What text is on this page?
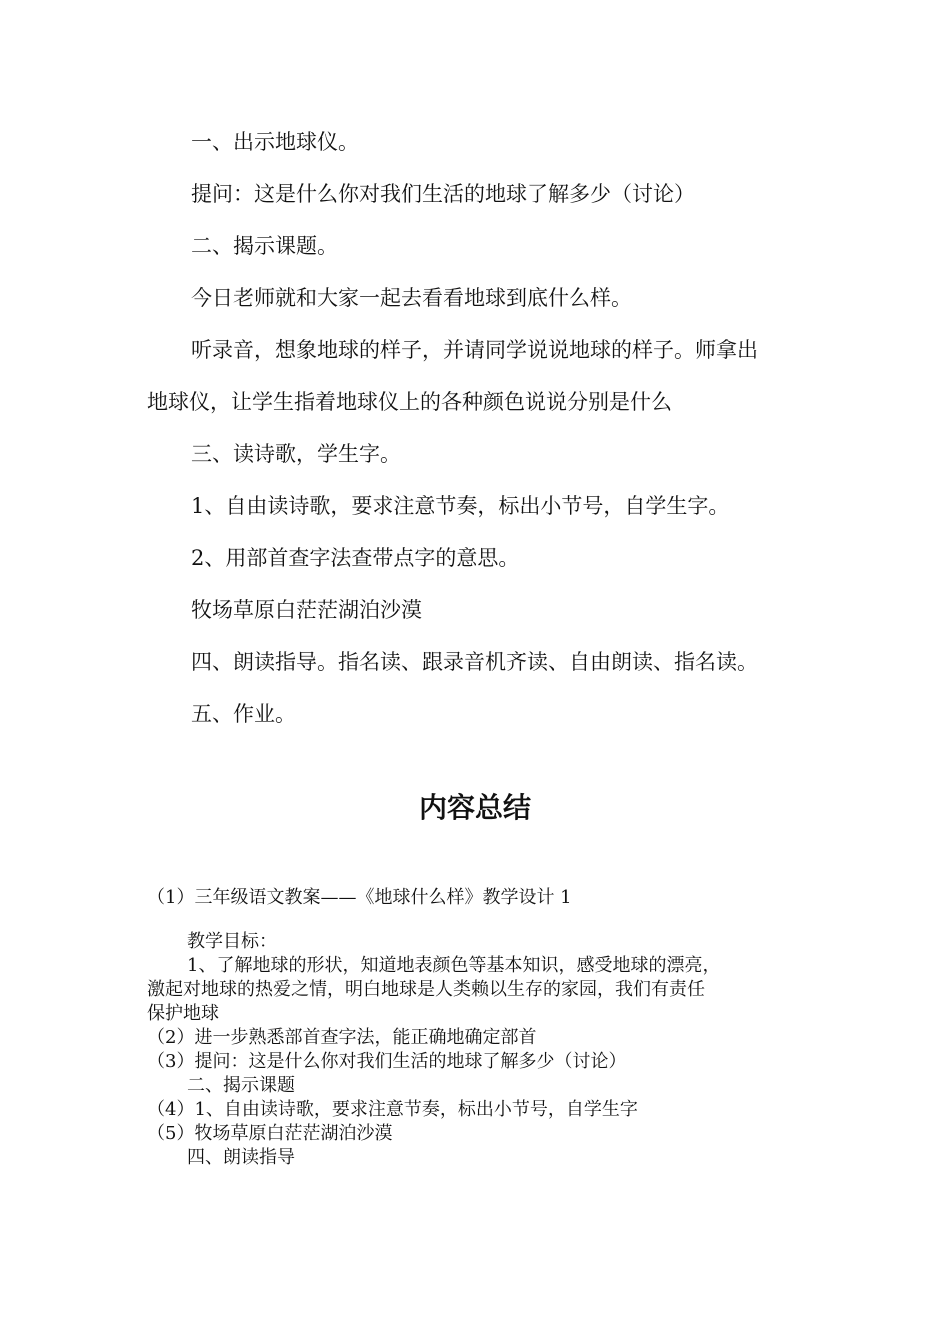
一、出示地球仪。

提问：这是什么你对我们生活的地球了解多少（讨论）

二、揭示课题。

今日老师就和大家一起去看看地球到底什么样。

听录音，想象地球的样子，并请同学说说地球的样子。师拿出

地球仪，让学生指着地球仪上的各种颜色说说分别是什么

三、读诗歌，学生字。

1、自由读诗歌，要求注意节奏，标出小节号，自学生字。

2、用部首查字法查带点字的意思。

牧场草原白茫茫湖泊沙漠

四、朗读指导。指名读、跟录音机齐读、自由朗读、指名读。

五、作业。

内容总结

（1）三年级语文教案——《地球什么样》教学设计 1

教学目标：

1、了解地球的形状，知道地表颜色等基本知识，感受地球的漂亮，

激起对地球的热爱之情，明白地球是人类赖以生存的家园，我们有责任

保护地球

（2）进一步熟悉部首查字法，能正确地确定部首

（3）提问：这是什么你对我们生活的地球了解多少（讨论）

二、揭示课题

（4）1、自由读诗歌，要求注意节奏，标出小节号，自学生字

（5）牧场草原白茫茫湖泊沙漠

四、朗读指导
